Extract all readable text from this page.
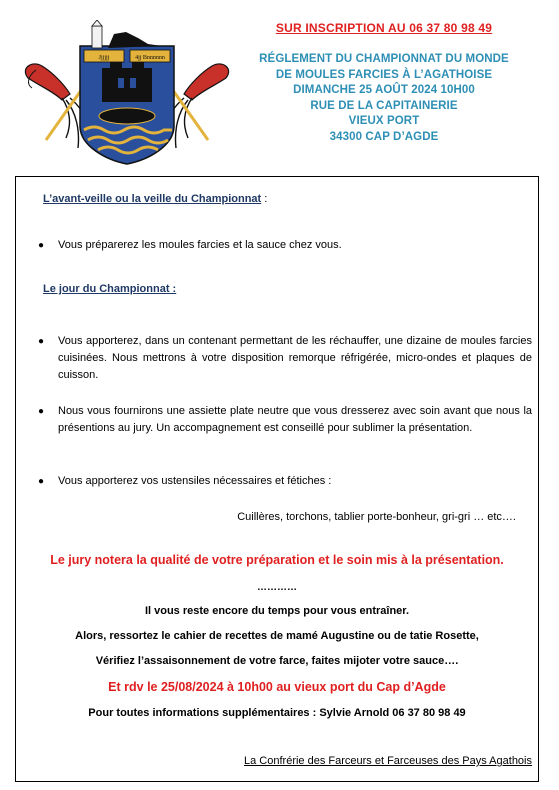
Jjjjjj	4jj Bnnnnnn
SUR INSCRIPTION AU 06 37 80 98 49
RÉGLEMENT DU CHAMPIONNAT DU MONDE
DE MOULES FARCIES À L’AGATHOISE
DIMANCHE 25 AOÛT 2024 10H00
RUE DE LA CAPITAINERIE
VIEUX PORT
34300 CAP D’AGDE
L’avant-veille ou la veille du Championnat :
●	Vous préparerez les moules farcies et la sauce chez vous.
Le jour du Championnat :
●	Vous apporterez, dans un contenant permettant de les réchauffer, une dizaine de moules farcies cuisinées. Nous mettrons à votre disposition remorque réfrigérée, micro-ondes et plaques de cuisson.
●	Nous vous fournirons une assiette plate neutre que vous dresserez avec soin avant que nous la présentions au jury. Un accompagnement est conseillé pour sublimer la présentation.
●	Vous apporterez vos ustensiles nécessaires et fétiches :
Cuillères, torchons, tablier porte-bonheur, gri-gri … etc….
Le jury notera la qualité de votre préparation et le soin mis à la présentation.
…………
Il vous reste encore du temps pour vous entraîner.
Alors, ressortez le cahier de recettes de mamé Augustine ou de tatie Rosette,
Vérifiez l’assaisonnement de votre farce, faites mijoter votre sauce….
Et rdv le 25/08/2024 à 10h00 au vieux port du Cap d’Agde
Pour toutes informations supplémentaires : Sylvie Arnold 06 37 80 98 49
La Confrérie des Farceurs et Farceuses des Pays Agathois
